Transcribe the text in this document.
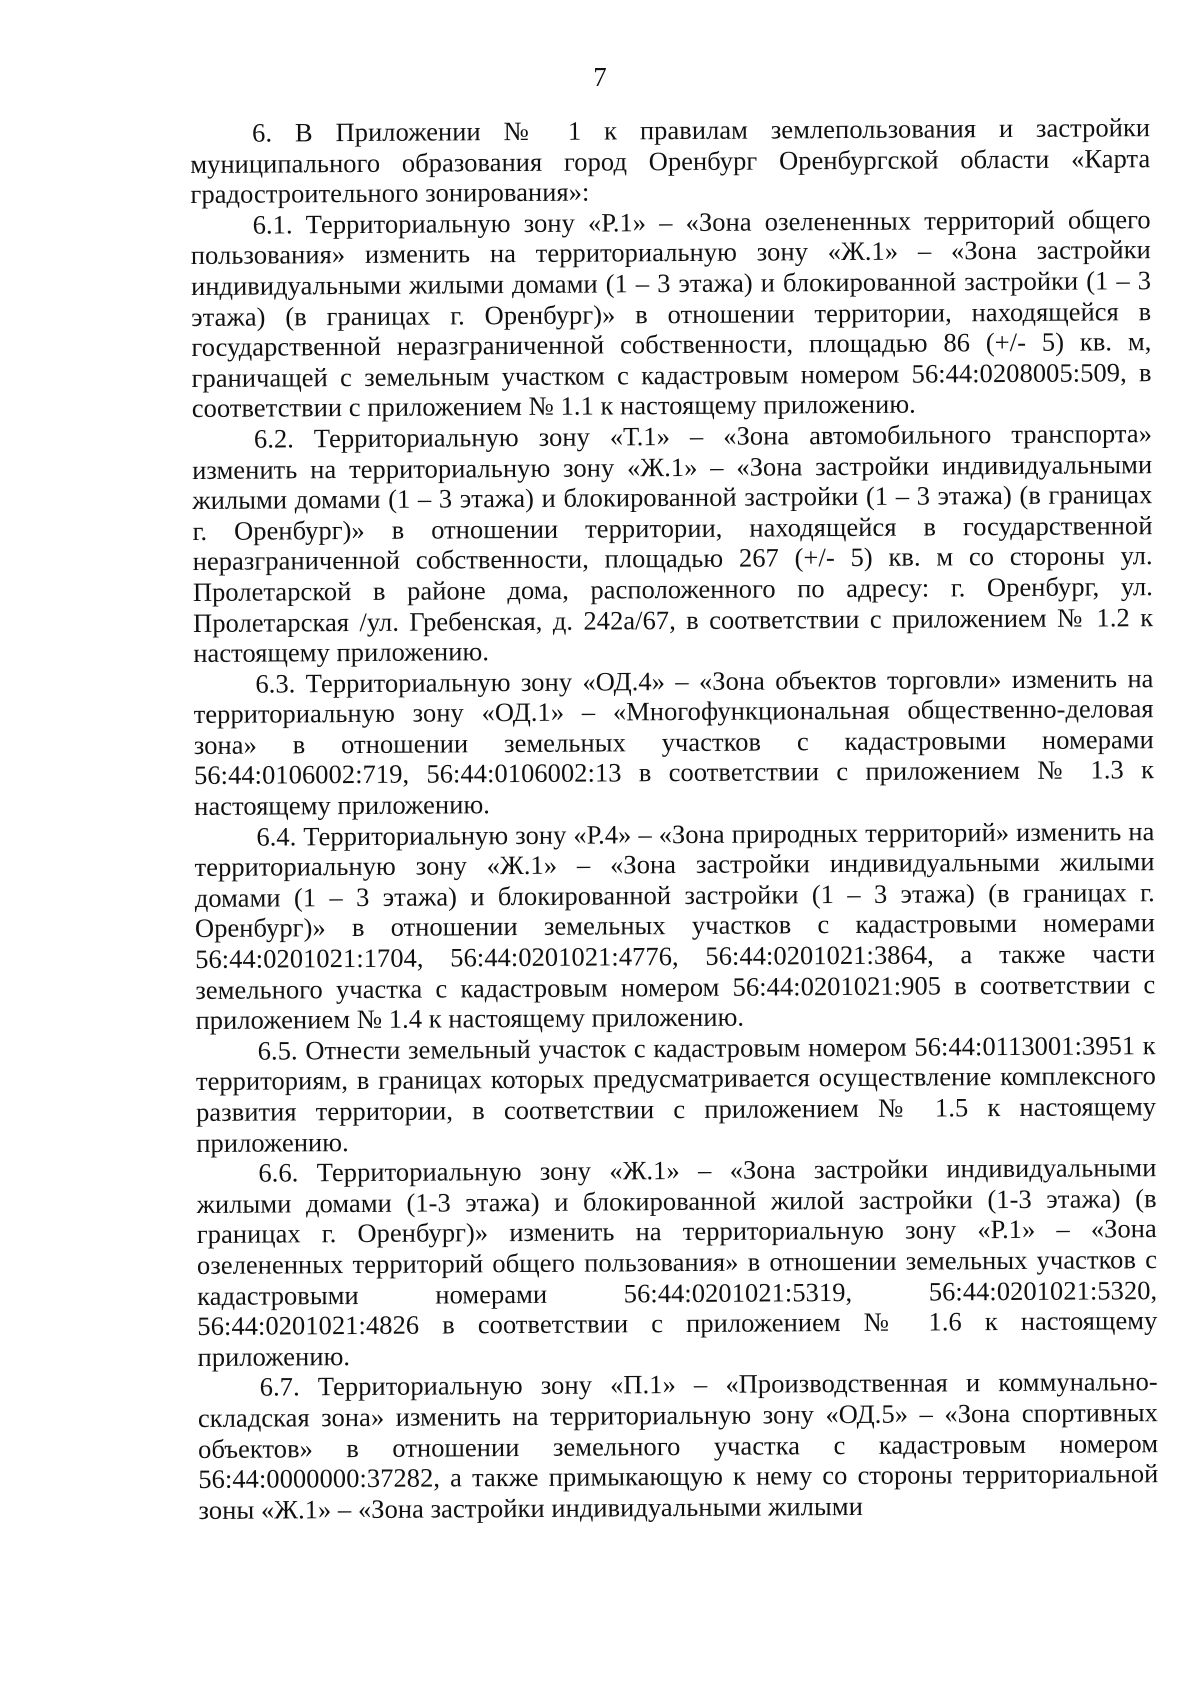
7

6. В Приложении № 1 к правилам землепользования и застройки муниципального образования город Оренбург Оренбургской области «Карта градостроительного зонирования»:

6.1. Территориальную зону «Р.1» – «Зона озелененных территорий общего пользования» изменить на территориальную зону «Ж.1» – «Зона застройки индивидуальными жилыми домами (1 – 3 этажа) и блокированной застройки (1 – 3 этажа) (в границах г. Оренбург)» в отношении территории, находящейся в государственной неразграниченной собственности, площадью 86 (+/- 5) кв. м, граничащей с земельным участком с кадастровым номером 56:44:0208005:509, в соответствии с приложением № 1.1 к настоящему приложению.

6.2. Территориальную зону «Т.1» – «Зона автомобильного транспорта» изменить на территориальную зону «Ж.1» – «Зона застройки индивидуальными жилыми домами (1 – 3 этажа) и блокированной застройки (1 – 3 этажа) (в границах г. Оренбург)» в отношении территории, находящейся в государственной неразграниченной собственности, площадью 267 (+/- 5) кв. м со стороны ул. Пролетарской в районе дома, расположенного по адресу: г. Оренбург, ул. Пролетарская /ул. Гребенская, д. 242а/67, в соответствии с приложением № 1.2 к настоящему приложению.

6.3. Территориальную зону «ОД.4» – «Зона объектов торговли» изменить на территориальную зону «ОД.1» – «Многофункциональная общественно-деловая зона» в отношении земельных участков с кадастровыми номерами 56:44:0106002:719, 56:44:0106002:13 в соответствии с приложением № 1.3 к настоящему приложению.

6.4. Территориальную зону «Р.4» – «Зона природных территорий» изменить на территориальную зону «Ж.1» – «Зона застройки индивидуальными жилыми домами (1 – 3 этажа) и блокированной застройки (1 – 3 этажа) (в границах г. Оренбург)» в отношении земельных участков с кадастровыми номерами 56:44:0201021:1704, 56:44:0201021:4776, 56:44:0201021:3864, а также части земельного участка с кадастровым номером 56:44:0201021:905 в соответствии с приложением № 1.4 к настоящему приложению.

6.5. Отнести земельный участок с кадастровым номером 56:44:0113001:3951 к территориям, в границах которых предусматривается осуществление комплексного развития территории, в соответствии с приложением № 1.5 к настоящему приложению.

6.6. Территориальную зону «Ж.1» – «Зона застройки индивидуальными жилыми домами (1-3 этажа) и блокированной жилой застройки (1-3 этажа) (в границах г. Оренбург)» изменить на территориальную зону «Р.1» – «Зона озелененных территорий общего пользования» в отношении земельных участков с кадастровыми номерами 56:44:0201021:5319, 56:44:0201021:5320, 56:44:0201021:4826 в соответствии с приложением № 1.6 к настоящему приложению.

6.7. Территориальную зону «П.1» – «Производственная и коммунально-складская зона» изменить на территориальную зону «ОД.5» – «Зона спортивных объектов» в отношении земельного участка с кадастровым номером 56:44:0000000:37282, а также примыкающую к нему со стороны территориальной зоны «Ж.1» – «Зона застройки индивидуальными жилыми
